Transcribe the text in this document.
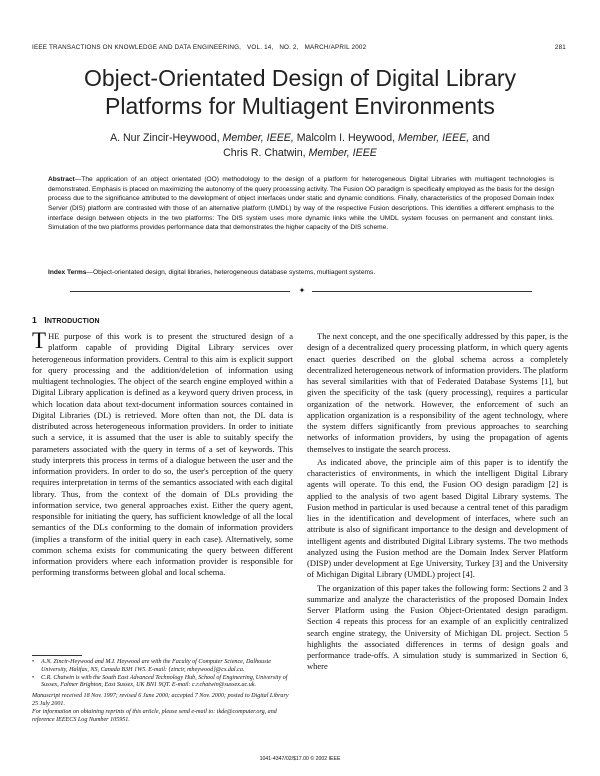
IEEE TRANSACTIONS ON KNOWLEDGE AND DATA ENGINEERING, VOL. 14, NO. 2, MARCH/APRIL 2002	281
Object-Orientated Design of Digital Library
Platforms for Multiagent Environments
A. Nur Zincir-Heywood, Member, IEEE, Malcolm I. Heywood, Member, IEEE, and
Chris R. Chatwin, Member, IEEE
Abstract—The application of an object orientated (OO) methodology to the design of a platform for heterogeneous Digital Libraries with multiagent technologies is demonstrated. Emphasis is placed on maximizing the autonomy of the query processing activity. The Fusion OO paradigm is specifically employed as the basis for the design process due to the significance attributed to the development of object interfaces under static and dynamic conditions. Finally, characteristics of the proposed Domain Index Server (DIS) platform are contrasted with those of an alternative platform (UMDL) by way of the respective Fusion descriptions. This identifies a different emphasis to the interface design between objects in the two platforms: The DIS system uses more dynamic links while the UMDL system focuses on permanent and constant links. Simulation of the two platforms provides performance data that demonstrates the higher capacity of the DIS scheme.
Index Terms—Object-orientated design, digital libraries, heterogeneous database systems, multiagent systems.
✦
1 INTRODUCTION

THE purpose of this work is to present the structured design of a platform capable of providing Digital Library services over heterogeneous information providers. Central to this aim is explicit support for query processing and the addition/deletion of information using multiagent technologies. The object of the search engine employed within a Digital Library application is defined as a keyword query driven process, in which location data about text-document information sources contained in Digital Libraries (DL) is retrieved. More often than not, the DL data is distributed across heterogeneous information providers. In order to initiate such a service, it is assumed that the user is able to suitably specify the parameters associated with the query in terms of a set of keywords. This study interprets this process in terms of a dialogue between the user and the information providers. In order to do so, the user's perception of the query requires interpretation in terms of the semantics associated with each digital library. Thus, from the context of the domain of DLs providing the information service, two general approaches exist. Either the query agent, responsible for initiating the query, has sufficient knowledge of all the local semantics of the DLs conforming to the domain of information providers (implies a transform of the initial query in each case). Alternatively, some common schema exists for communicating the query between different information providers where each information provider is responsible for performing transforms between global and local schema.

The next concept, and the one specifically addressed by this paper, is the design of a decentralized query processing platform, in which query agents enact queries described on the global schema across a completely decentralized heterogeneous network of information providers. The platform has several similarities with that of Federated Database Systems [1], but given the specificity of the task (query processing), requires a particular organization of the network. However, the enforcement of such an application organization is a responsibility of the agent technology, where the system differs significantly from previous approaches to searching networks of information providers, by using the propagation of agents themselves to instigate the search process.

As indicated above, the principle aim of this paper is to identify the characteristics of environments, in which the intelligent Digital Library agents will operate. To this end, the Fusion OO design paradigm [2] is applied to the analysis of two agent based Digital Library systems. The Fusion method in particular is used because a central tenet of this paradigm lies in the identification and development of interfaces, where such an attribute is also of significant importance to the design and development of intelligent agents and distributed Digital Library systems. The two methods analyzed using the Fusion method are the Domain Index Server Platform (DISP) under development at Ege University, Turkey [3] and the University of Michigan Digital Library (UMDL) project [4].

The organization of this paper takes the following form: Sections 2 and 3 summarize and analyze the characteristics of the proposed Domain Index Server Platform using the Fusion Object-Orientated design paradigm. Section 4 repeats this process for an example of an explicitly centralized search engine strategy, the University of Michigan DL project. Section 5 highlights the associated differences in terms of design goals and performance trade-offs. A simulation study is summarized in Section 6, where

• A.N. Zincir-Heywood and M.I. Heywood are with the Faculty of Computer Science, Dalhousie University, Halifax, NS, Canada B3H 1W5. E-mail: {zincir, mheywood}@cs.dal.ca.
• C.R. Chatwin is with the South East Advanced Technology Hub, School of Engineering, University of Sussex, Falmer Brighton, East Sussex, UK BN1 9QT. E-mail: c.r.chatwin@sussex.ac.uk.
Manuscript received 18 Nov. 1997; revised 6 June 2000; accepted 7 Nov. 2000; posted to Digital Library 25 July 2001.
For information on obtaining reprints of this article, please send e-mail to: tkde@computer.org, and reference IEEECS Log Number 105951.
1041-4347/02/$17.00 © 2002 IEEE
